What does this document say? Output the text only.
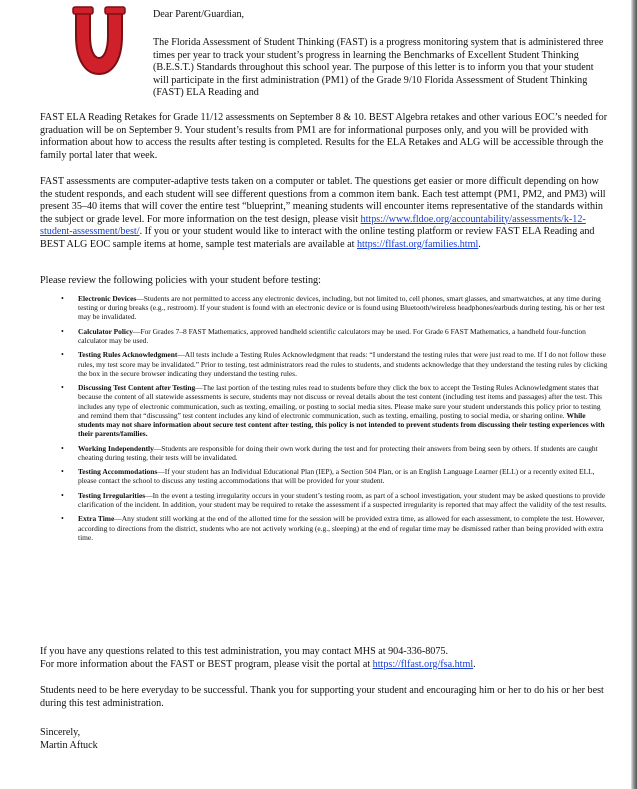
Dear Parent/Guardian,

The Florida Assessment of Student Thinking (FAST) is a progress monitoring system that is administered three times per year to track your student’s progress in learning the Benchmarks of Excellent Student Thinking (B.E.S.T.) Standards throughout this school year. The purpose of this letter is to inform you that your student will participate in the first administration (PM1) of the Grade 9/10 Florida Assessment of Student Thinking (FAST) ELA Reading and

FAST ELA Reading Retakes for Grade 11/12 assessments on September 8 & 10. BEST Algebra retakes and other various EOC’s needed for graduation will be on September 9. Your student’s results from PM1 are for informational purposes only, and you will be provided with information about how to access the results after testing is completed. Results for the ELA Retakes and ALG will be accessible through the family portal later that week.

FAST assessments are computer-adaptive tests taken on a computer or tablet. The questions get easier or more difficult depending on how the student responds, and each student will see different questions from a common item bank. Each test attempt (PM1, PM2, and PM3) will present 35–40 items that will cover the entire test “blueprint,” meaning students will encounter items representative of the standards within the subject or grade level. For more information on the test design, please visit https://www.fldoe.org/accountability/assessments/k-12-student-assessment/best/. If you or your student would like to interact with the online testing platform or review FAST ELA Reading and BEST ALG EOC sample items at home, sample test materials are available at https://flfast.org/families.html.

Please review the following policies with your student before testing:

• Electronic Devices—Students are not permitted to access any electronic devices, including, but not limited to, cell phones, smart glasses, and smartwatches, at any time during testing or during breaks (e.g., restroom). If your student is found with an electronic device or is found using Bluetooth/wireless headphones/earbuds during testing, his or her test may be invalidated.
• Calculator Policy—For Grades 7–8 FAST Mathematics, approved handheld scientific calculators may be used. For Grade 6 FAST Mathematics, a handheld four-function calculator may be used.
• Testing Rules Acknowledgment—All tests include a Testing Rules Acknowledgment that reads: “I understand the testing rules that were just read to me. If I do not follow these rules, my test score may be invalidated.” Prior to testing, test administrators read the rules to students, and students acknowledge that they understand the testing rules by clicking the box in the secure browser indicating they understand the testing rules.
• Discussing Test Content after Testing—The last portion of the testing rules read to students before they click the box to accept the Testing Rules Acknowledgment states that because the content of all statewide assessments is secure, students may not discuss or reveal details about the test content (including test items and passages) after the test. This includes any type of electronic communication, such as texting, emailing, or posting to social media sites. Please make sure your student understands this policy prior to testing and remind them that “discussing” test content includes any kind of electronic communication, such as texting, emailing, posting to social media, or sharing online. While students may not share information about secure test content after testing, this policy is not intended to prevent students from discussing their testing experiences with their parents/families.
• Working Independently—Students are responsible for doing their own work during the test and for protecting their answers from being seen by others. If students are caught cheating during testing, their tests will be invalidated.
• Testing Accommodations—If your student has an Individual Educational Plan (IEP), a Section 504 Plan, or is an English Language Learner (ELL) or a recently exited ELL, please contact the school to discuss any testing accommodations that will be provided for your student.
• Testing Irregularities—In the event a testing irregularity occurs in your student’s testing room, as part of a school investigation, your student may be asked questions to provide clarification of the incident. In addition, your student may be required to retake the assessment if a suspected irregularity is reported that may affect the validity of the test results.
• Extra Time—Any student still working at the end of the allotted time for the session will be provided extra time, as allowed for each assessment, to complete the test. However, according to directions from the district, students who are not actively working (e.g., sleeping) at the end of regular time may be dismissed rather than being provided with extra time.

If you have any questions related to this test administration, you may contact MHS at 904-336-8075.
For more information about the FAST or BEST program, please visit the portal at https://flfast.org/fsa.html.

Students need to be here everyday to be successful. Thank you for supporting your student and encouraging him or her to do his or her best during this test administration.

Sincerely,
Martin Aftuck
